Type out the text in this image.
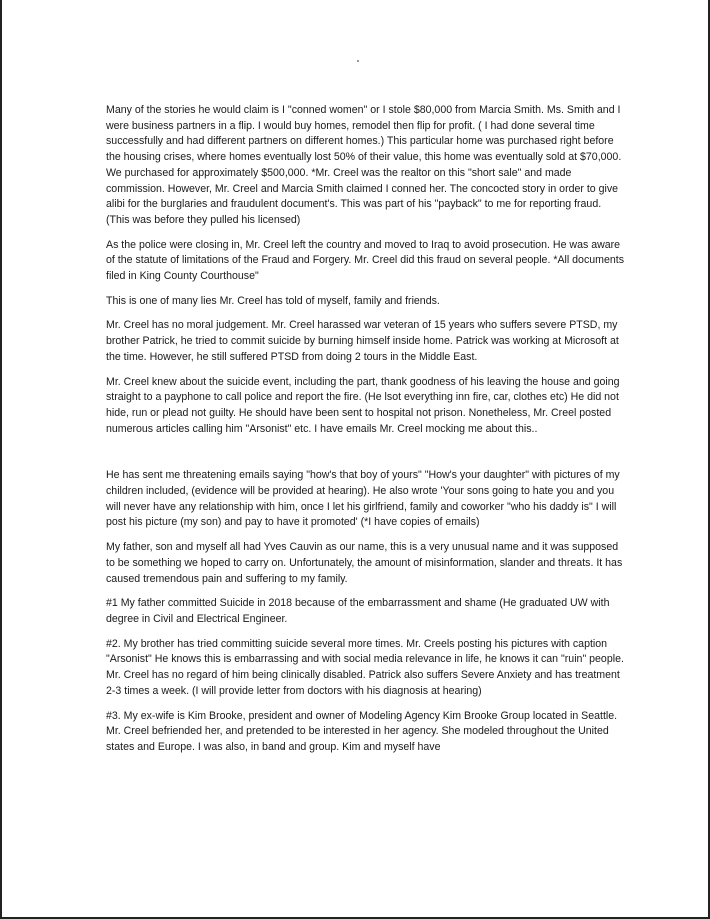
Many of the stories he would claim is I "conned women" or I stole $80,000 from Marcia Smith. Ms. Smith and I were business partners in a flip. I would buy homes, remodel then flip for profit. ( I had done several time successfully and had different partners on different homes.) This particular home was purchased right before the housing crises, where homes eventually lost 50% of their value, this home was eventually sold at $70,000. We purchased for approximately $500,000. *Mr. Creel was the realtor on this "short sale" and made commission. However, Mr. Creel and Marcia Smith claimed I conned her. The concocted story in order to give alibi for the burglaries and fraudulent document's. This was part of his "payback" to me for reporting fraud. (This was before they pulled his licensed)

As the police were closing in, Mr. Creel left the country and moved to Iraq to avoid prosecution. He was aware of the statute of limitations of the Fraud and Forgery. Mr. Creel did this fraud on several people. *All documents filed in King County Courthouse"

This is one of many lies Mr. Creel has told of myself, family and friends.

Mr. Creel has no moral judgement. Mr. Creel harassed war veteran of 15 years who suffers severe PTSD, my brother Patrick, he tried to commit suicide by burning himself inside home. Patrick was working at Microsoft at the time. However, he still suffered PTSD from doing 2 tours in the Middle East.

Mr. Creel knew about the suicide event, including the part, thank goodness of his leaving the house and going straight to a payphone to call police and report the fire. (He lsot everything inn fire, car, clothes etc) He did not hide, run or plead not guilty. He should have been sent to hospital not prison. Nonetheless, Mr. Creel posted numerous articles calling him "Arsonist" etc. I have emails Mr. Creel mocking me about this..

He has sent me threatening emails saying "how's that boy of yours" "How's your daughter" with pictures of my children included, (evidence will be provided at hearing). He also wrote 'Your sons going to hate you and you will never have any relationship with him, once I let his girlfriend, family and coworker "who his daddy is" I will post his picture (my son) and pay to have it promoted' (*I have copies of emails)

My father, son and myself all had Yves Cauvin as our name, this is a very unusual name and it was supposed to be something we hoped to carry on. Unfortunately, the amount of misinformation, slander and threats. It has caused tremendous pain and suffering to my family.

#1 My father committed Suicide in 2018 because of the embarrassment and shame (He graduated UW with degree in Civil and Electrical Engineer.

#2. My brother has tried committing suicide several more times. Mr. Creels posting his pictures with caption "Arsonist" He knows this is embarrassing and with social media relevance in life, he knows it can "ruin" people. Mr. Creel has no regard of him being clinically disabled. Patrick also suffers Severe Anxiety and has treatment 2-3 times a week. (I will provide letter from doctors with his diagnosis at hearing)

#3. My ex-wife is Kim Brooke, president and owner of Modeling Agency Kim Brooke Group located in Seattle. Mr. Creel befriended her, and pretended to be interested in her agency. She modeled throughout the United states and Europe. I was also, in band and group. Kim and myself have
